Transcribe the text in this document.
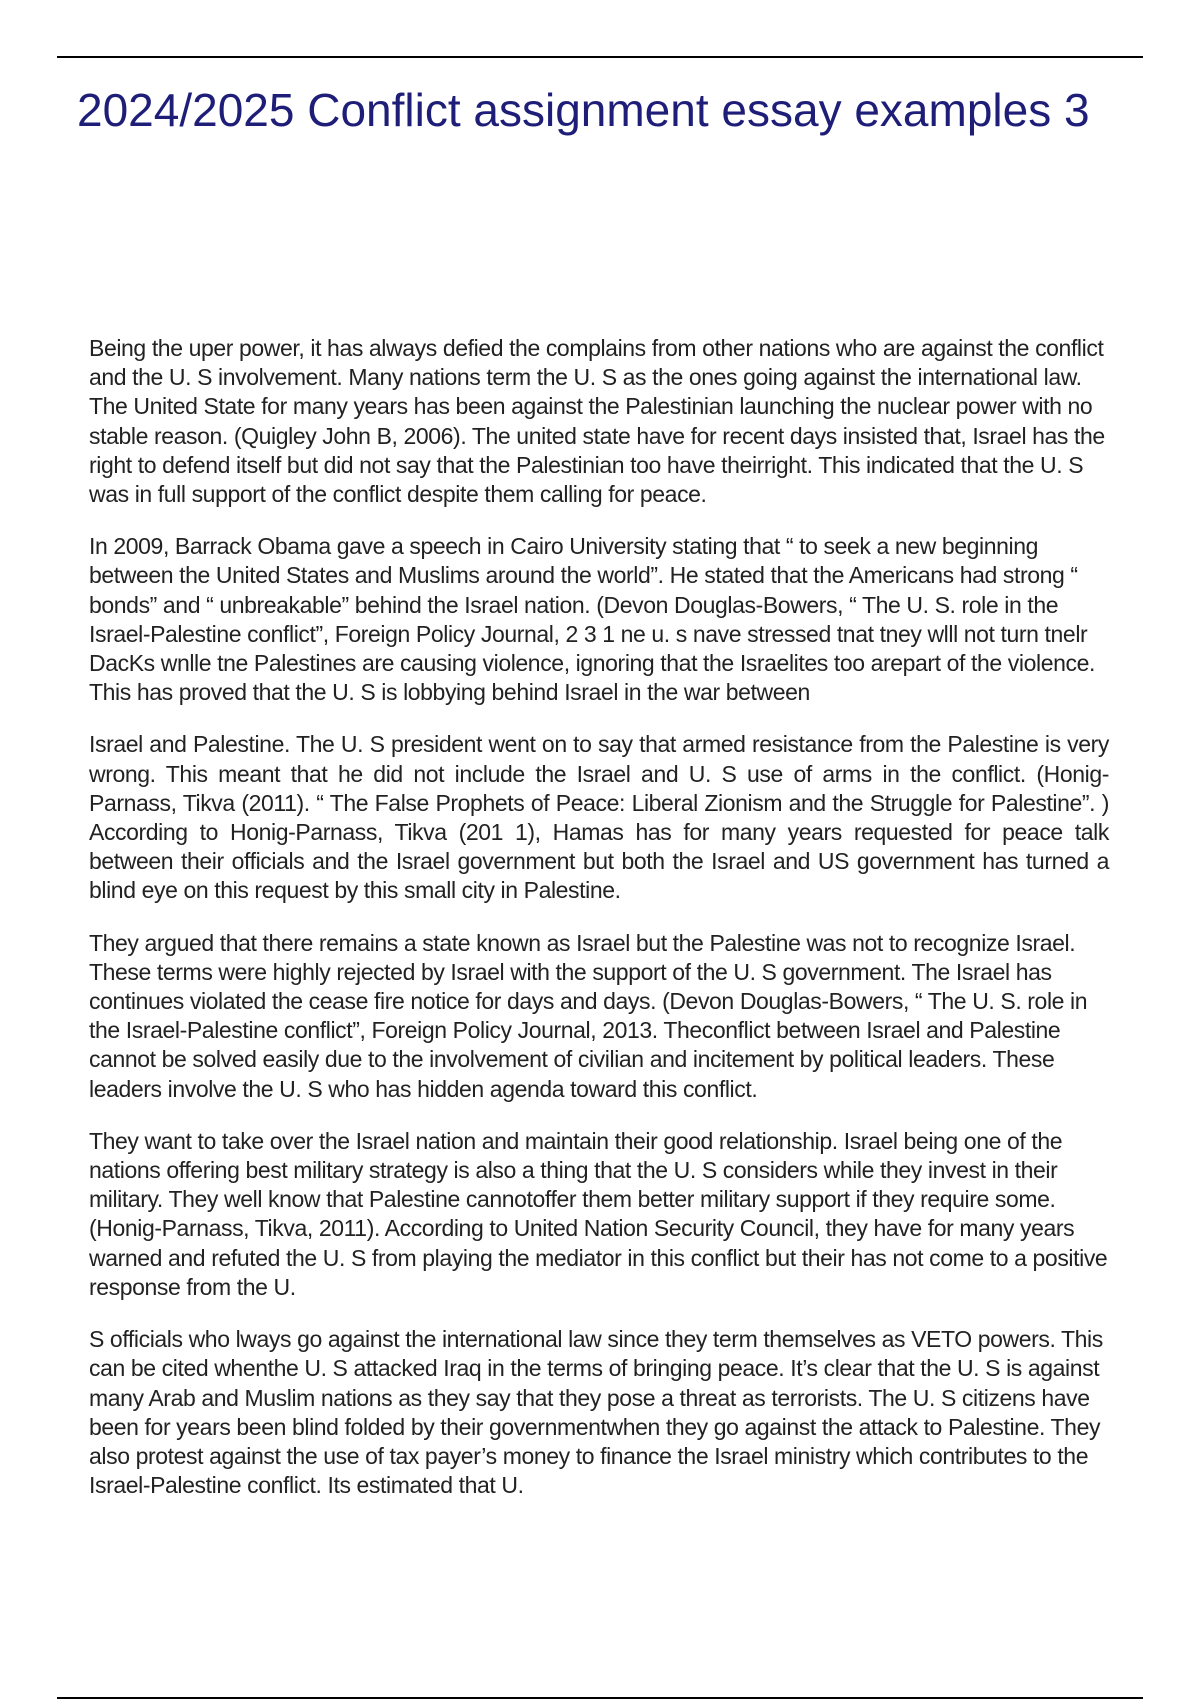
2024/2025 Conflict assignment essay examples 3

Being the uper power, it has always defied the complains from other nations who are against the conflict and the U. S involvement. Many nations term the U. S as the ones going against the international law. The United State for many years has been against the Palestinian launching the nuclear power with no stable reason. (Quigley John B, 2006). The united state have for recent days insisted that, Israel has the right to defend itself but did not say that the Palestinian too have theirright. This indicated that the U. S was in full support of the conflict despite them calling for peace.

In 2009, Barrack Obama gave a speech in Cairo University stating that “ to seek a new beginning between the United States and Muslims around the world”. He stated that the Americans had strong “ bonds” and “ unbreakable” behind the Israel nation. (Devon Douglas-Bowers, “ The U. S. role in the Israel-Palestine conflict”, Foreign Policy Journal, 2 3 1 ne u. s nave stressed tnat tney wlll not turn tnelr DacKs wnlle tne Palestines are causing violence, ignoring that the Israelites too arepart of the violence. This has proved that the U. S is lobbying behind Israel in the war between

Israel and Palestine. The U. S president went on to say that armed resistance from the Palestine is very wrong. This meant that he did not include the Israel and U. S use of arms in the conflict. (Honig-Parnass, Tikva (2011). “ The False Prophets of Peace: Liberal Zionism and the Struggle for Palestine”. ) According to Honig-Parnass, Tikva (201 1), Hamas has for many years requested for peace talk between their officials and the Israel government but both the Israel and US government has turned a blind eye on this request by this small city in Palestine.

They argued that there remains a state known as Israel but the Palestine was not to recognize Israel. These terms were highly rejected by Israel with the support of the U. S government. The Israel has continues violated the cease fire notice for days and days. (Devon Douglas-Bowers, “ The U. S. role in the Israel-Palestine conflict”, Foreign Policy Journal, 2013. Theconflict between Israel and Palestine cannot be solved easily due to the involvement of civilian and incitement by political leaders. These leaders involve the U. S who has hidden agenda toward this conflict.

They want to take over the Israel nation and maintain their good relationship. Israel being one of the nations offering best military strategy is also a thing that the U. S considers while they invest in their military. They well know that Palestine cannotoffer them better military support if they require some. (Honig-Parnass, Tikva, 2011). According to United Nation Security Council, they have for many years warned and refuted the U. S from playing the mediator in this conflict but their has not come to a positive response from the U.

S officials who lways go against the international law since they term themselves as VETO powers. This can be cited whenthe U. S attacked Iraq in the terms of bringing peace. It’s clear that the U. S is against many Arab and Muslim nations as they say that they pose a threat as terrorists. The U. S citizens have been for years been blind folded by their governmentwhen they go against the attack to Palestine. They also protest against the use of tax payer’s money to finance the Israel ministry which contributes to the Israel-Palestine conflict. Its estimated that U.
